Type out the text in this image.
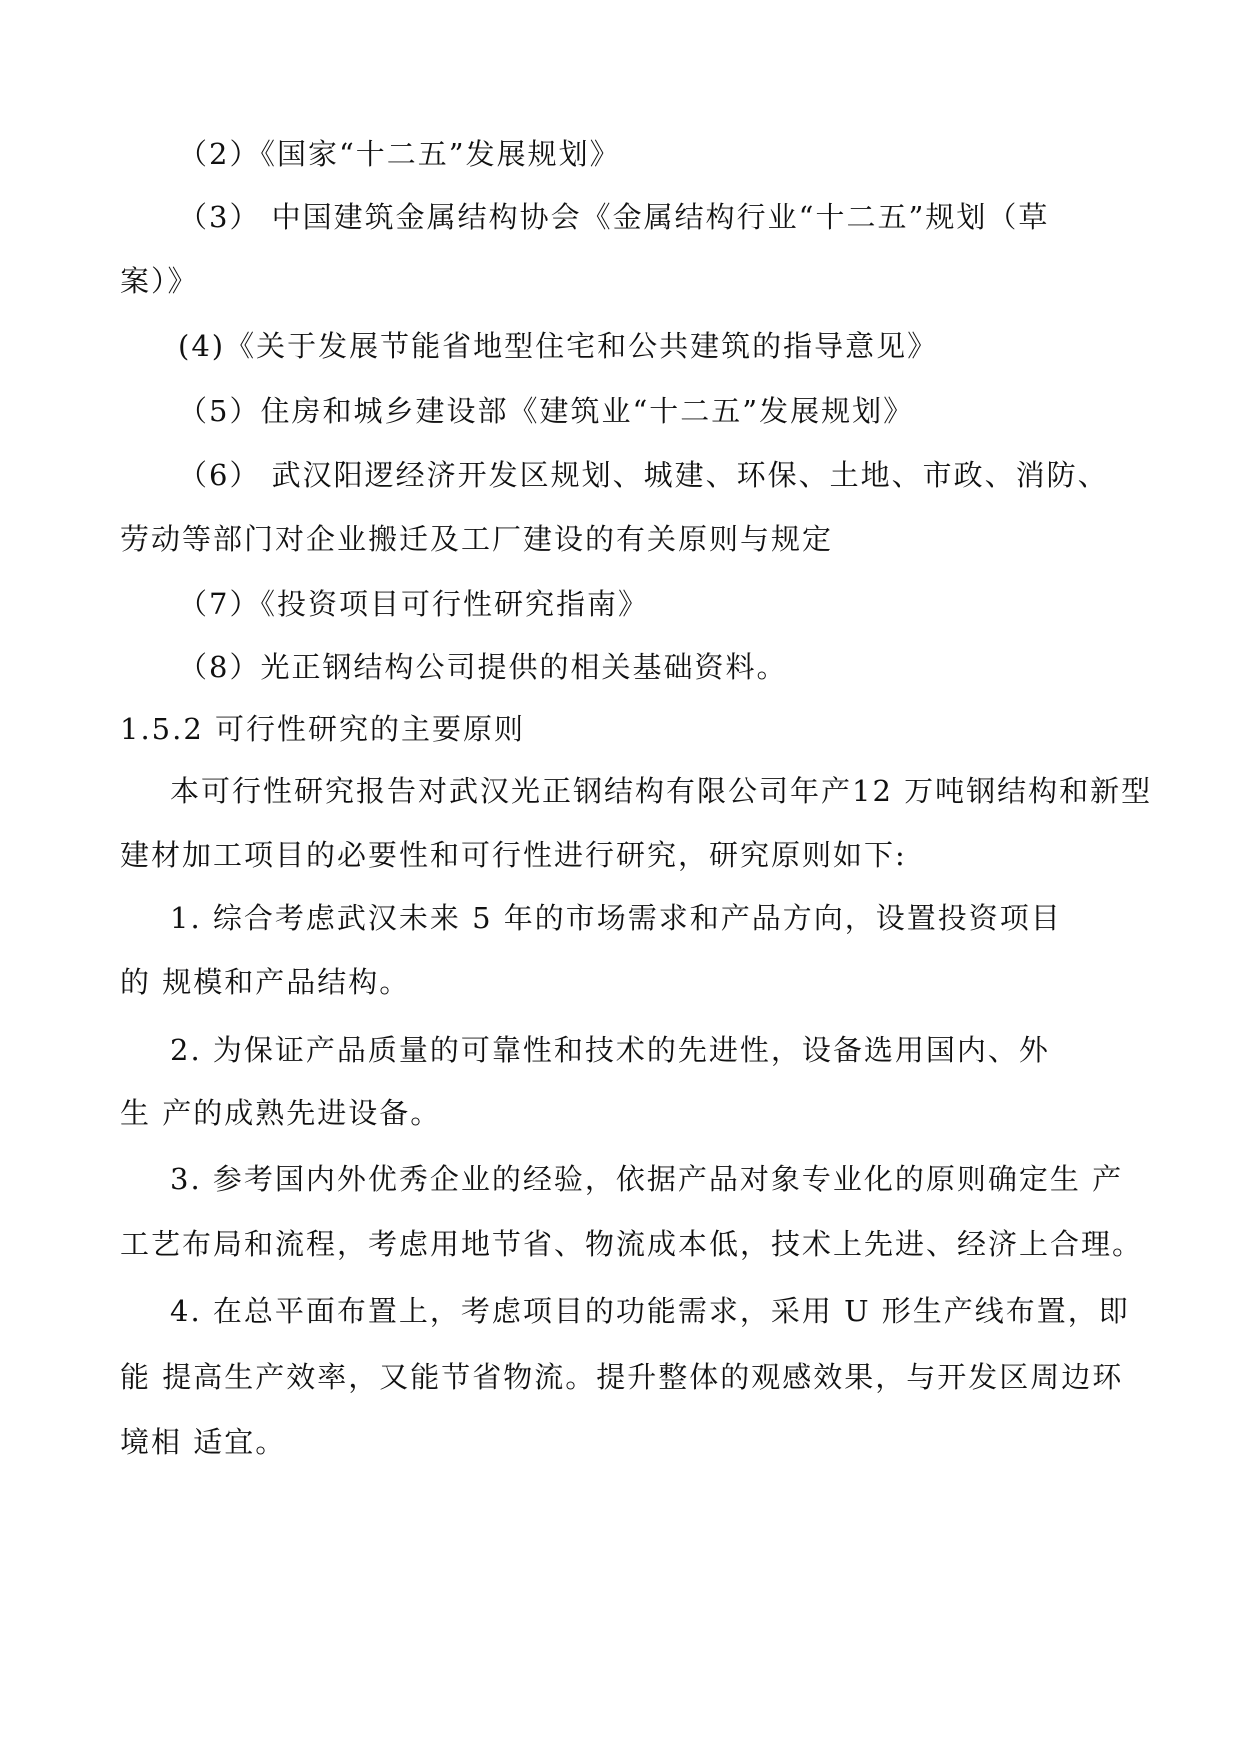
（2）《国家“十二五”发展规划》
（3） 中国建筑金属结构协会《金属结构行业“十二五”规划（草
案）》
(4)《关于发展节能省地型住宅和公共建筑的指导意见》
（5）住房和城乡建设部《建筑业“十二五”发展规划》
（6） 武汉阳逻经济开发区规划、城建、环保、土地、市政、消防、
劳动等部门对企业搬迁及工厂建设的有关原则与规定
（7）《投资项目可行性研究指南》
（8）光正钢结构公司提供的相关基础资料。
1.5.2 可行性研究的主要原则
本可行性研究报告对武汉光正钢结构有限公司年产12 万吨钢结构和新型
建材加工项目的必要性和可行性进行研究，研究原则如下:
1. 综合考虑武汉未来 5 年的市场需求和产品方向，设置投资项目
的 规模和产品结构。
2. 为保证产品质量的可靠性和技术的先进性，设备选用国内、外
生 产的成熟先进设备。
3. 参考国内外优秀企业的经验，依据产品对象专业化的原则确定生 产
工艺布局和流程，考虑用地节省、物流成本低，技术上先进、经济上合理。
4. 在总平面布置上，考虑项目的功能需求，采用 U 形生产线布置，即
能 提高生产效率，又能节省物流。提升整体的观感效果，与开发区周边环
境相 适宜。
